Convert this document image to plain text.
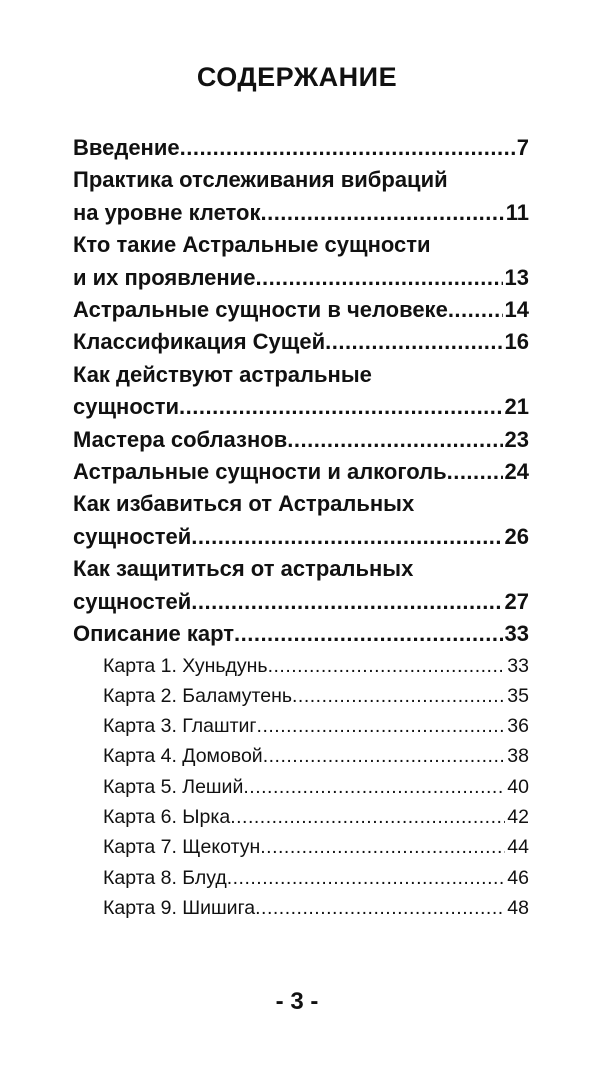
СОДЕРЖАНИЕ
Введение .....	7
Практика отслеживания вибраций
на уровне клеток .....	11
Кто такие Астральные сущности
и их проявление .....	13
Астральные сущности в человеке .....	14
Классификация Сущей .....	16
Как действуют астральные
сущности .....	21
Мастера соблазнов .....	23
Астральные сущности и алкоголь .....	24
Как избавиться от Астральных
сущностей .....	26
Как защититься от астральных
сущностей .....	27
Описание карт .....	33
Карта 1. Хуньдунь .....	33
Карта 2. Баламутень .....	35
Карта 3. Глаштиг .....	36
Карта 4. Домовой .....	38
Карта 5. Леший .....	40
Карта 6. Ырка .....	42
Карта 7. Щекотун .....	44
Карта 8. Блуд .....	46
Карта 9. Шишига .....	48
- 3 -
